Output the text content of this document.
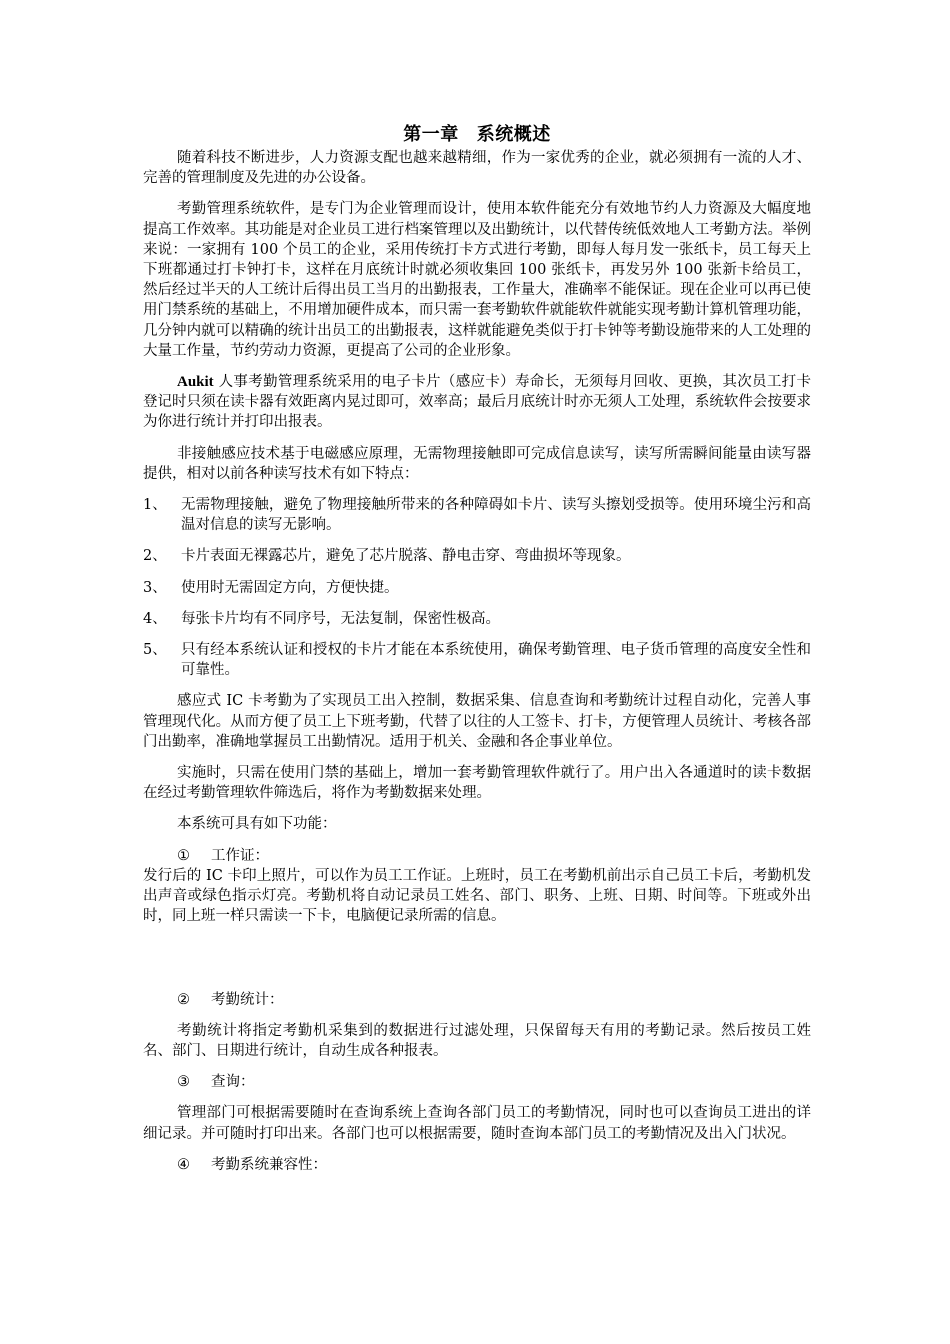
第一章 系统概述

随着科技不断进步，人力资源支配也越来越精细，作为一家优秀的企业，就必须拥有一流的人才、完善的管理制度及先进的办公设备。

考勤管理系统软件，是专门为企业管理而设计，使用本软件能充分有效地节约人力资源及大幅度地提高工作效率。其功能是对企业员工进行档案管理以及出勤统计，以代替传统低效地人工考勤方法。举例来说：一家拥有 100 个员工的企业，采用传统打卡方式进行考勤，即每人每月发一张纸卡，员工每天上下班都通过打卡钟打卡，这样在月底统计时就必须收集回 100 张纸卡，再发另外 100 张新卡给员工，然后经过半天的人工统计后得出员工当月的出勤报表，工作量大，准确率不能保证。现在企业可以再已使用门禁系统的基础上，不用增加硬件成本，而只需一套考勤软件就能软件就能实现考勤计算机管理功能，几分钟内就可以精确的统计出员工的出勤报表，这样就能避免类似于打卡钟等考勤设施带来的人工处理的大量工作量，节约劳动力资源，更提高了公司的企业形象。

Aukit 人事考勤管理系统采用的电子卡片（感应卡）寿命长，无须每月回收、更换，其次员工打卡登记时只须在读卡器有效距离内晃过即可，效率高；最后月底统计时亦无须人工处理，系统软件会按要求为你进行统计并打印出报表。

非接触感应技术基于电磁感应原理，无需物理接触即可完成信息读写，读写所需瞬间能量由读写器提供，相对以前各种读写技术有如下特点：

1、 无需物理接触，避免了物理接触所带来的各种障碍如卡片、读写头擦划受损等。使用环境尘污和高温对信息的读写无影响。
2、 卡片表面无裸露芯片，避免了芯片脱落、静电击穿、弯曲损坏等现象。
3、 使用时无需固定方向，方便快捷。
4、 每张卡片均有不同序号，无法复制，保密性极高。
5、 只有经本系统认证和授权的卡片才能在本系统使用，确保考勤管理、电子货币管理的高度安全性和可靠性。

感应式 IC 卡考勤为了实现员工出入控制，数据采集、信息查询和考勤统计过程自动化，完善人事管理现代化。从而方便了员工上下班考勤，代替了以往的人工签卡、打卡，方便管理人员统计、考核各部门出勤率，准确地掌握员工出勤情况。适用于机关、金融和各企事业单位。

实施时，只需在使用门禁的基础上，增加一套考勤管理软件就行了。用户出入各通道时的读卡数据在经过考勤管理软件筛选后，将作为考勤数据来处理。

本系统可具有如下功能：

① 工作证：

发行后的 IC 卡印上照片，可以作为员工工作证。上班时，员工在考勤机前出示自己员工卡后，考勤机发出声音或绿色指示灯亮。考勤机将自动记录员工姓名、部门、职务、上班、日期、时间等。下班或外出时，同上班一样只需读一下卡，电脑便记录所需的信息。

② 考勤统计：

考勤统计将指定考勤机采集到的数据进行过滤处理，只保留每天有用的考勤记录。然后按员工姓名、部门、日期进行统计，自动生成各种报表。

③ 查询：

管理部门可根据需要随时在查询系统上查询各部门员工的考勤情况，同时也可以查询员工进出的详细记录。并可随时打印出来。各部门也可以根据需要，随时查询本部门员工的考勤情况及出入门状况。

④ 考勤系统兼容性：
